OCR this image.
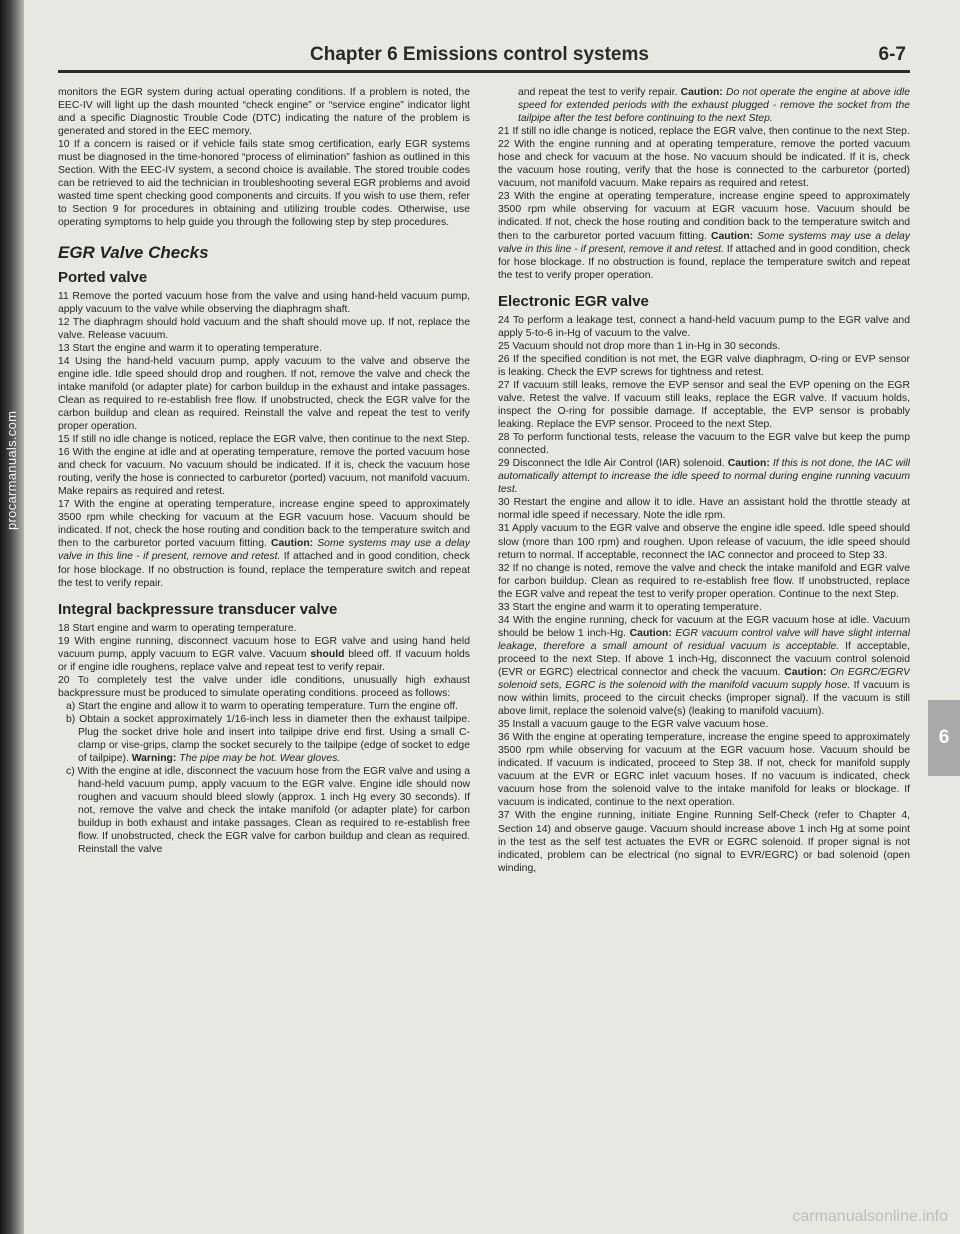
procarmanuals.com
Chapter 6 Emissions control systems	6-7

monitors the EGR system during actual operating conditions. If a problem is noted, the EEC-IV will light up the dash mounted “check engine” or “service engine” indicator light and a specific Diagnostic Trouble Code (DTC) indicating the nature of the problem is generated and stored in the EEC memory.

10 If a concern is raised or if vehicle fails state smog certification, early EGR systems must be diagnosed in the time-honored “process of elimination” fashion as outlined in this Section. With the EEC-IV system, a second choice is available. The stored trouble codes can be retrieved to aid the technician in troubleshooting several EGR problems and avoid wasted time spent checking good components and circuits. If you wish to use them, refer to Section 9 for procedures in obtaining and utilizing trouble codes. Otherwise, use operating symptoms to help guide you through the following step by step procedures.

EGR Valve Checks
Ported valve

11 Remove the ported vacuum hose from the valve and using hand-held vacuum pump, apply vacuum to the valve while observing the diaphragm shaft.

12 The diaphragm should hold vacuum and the shaft should move up. If not, replace the valve. Release vacuum.

13 Start the engine and warm it to operating temperature.

14 Using the hand-held vacuum pump, apply vacuum to the valve and observe the engine idle. Idle speed should drop and roughen. If not, remove the valve and check the intake manifold (or adapter plate) for carbon buildup in the exhaust and intake passages. Clean as required to re-establish free flow. If unobstructed, check the EGR valve for the carbon buildup and clean as required. Reinstall the valve and repeat the test to verify proper operation.

15 If still no idle change is noticed, replace the EGR valve, then continue to the next Step.

16 With the engine at idle and at operating temperature, remove the ported vacuum hose and check for vacuum. No vacuum should be indicated. If it is, check the vacuum hose routing, verify the hose is connected to carburetor (ported) vacuum, not manifold vacuum. Make repairs as required and retest.

17 With the engine at operating temperature, increase engine speed to approximately 3500 rpm while checking for vacuum at the EGR vacuum hose. Vacuum should be indicated. If not, check the hose routing and condition back to the temperature switch and then to the carburetor ported vacuum fitting. Caution: Some systems may use a delay valve in this line - if present, remove and retest. If attached and in good condition, check for hose blockage. If no obstruction is found, replace the temperature switch and repeat the test to verify repair.

Integral backpressure transducer valve

18 Start engine and warm to operating temperature.

19 With engine running, disconnect vacuum hose to EGR valve and using hand held vacuum pump, apply vacuum to EGR valve. Vacuum should bleed off. If vacuum holds or if engine idle roughens, replace valve and repeat test to verify repair.

20 To completely test the valve under idle conditions, unusually high exhaust backpressure must be produced to simulate operating conditions. proceed as follows:

a) Start the engine and allow it to warm to operating temperature. Turn the engine off.

b) Obtain a socket approximately 1/16-inch less in diameter then the exhaust tailpipe. Plug the socket drive hole and insert into tailpipe drive end first. Using a small C-clamp or vise-grips, clamp the socket securely to the tailpipe (edge of socket to edge of tailpipe). Warning: The pipe may be hot. Wear gloves.

c) With the engine at idle, disconnect the vacuum hose from the EGR valve and using a hand-held vacuum pump, apply vacuum to the EGR valve. Engine idle should now roughen and vacuum should bleed slowly (approx. 1 inch Hg every 30 seconds). If not, remove the valve and check the intake manifold (or adapter plate) for carbon buildup in both exhaust and intake passages. Clean as required to re-establish free flow. If unobstructed, check the EGR valve for carbon buildup and clean as required. Reinstall the valve

and repeat the test to verify repair. Caution: Do not operate the engine at above idle speed for extended periods with the exhaust plugged - remove the socket from the tailpipe after the test before continuing to the next Step.

21 If still no idle change is noticed, replace the EGR valve, then continue to the next Step.

22 With the engine running and at operating temperature, remove the ported vacuum hose and check for vacuum at the hose. No vacuum should be indicated. If it is, check the vacuum hose routing, verify that the hose is connected to the carburetor (ported) vacuum, not manifold vacuum. Make repairs as required and retest.

23 With the engine at operating temperature, increase engine speed to approximately 3500 rpm while observing for vacuum at EGR vacuum hose. Vacuum should be indicated. If not, check the hose routing and condition back to the temperature switch and then to the carburetor ported vacuum fitting. Caution: Some systems may use a delay valve in this line - if present, remove it and retest. If attached and in good condition, check for hose blockage. If no obstruction is found, replace the temperature switch and repeat the test to verify proper operation.

Electronic EGR valve

24 To perform a leakage test, connect a hand-held vacuum pump to the EGR valve and apply 5-to-6 in-Hg of vacuum to the valve.

25 Vacuum should not drop more than 1 in-Hg in 30 seconds.

26 If the specified condition is not met, the EGR valve diaphragm, O-ring or EVP sensor is leaking. Check the EVP screws for tightness and retest.

27 If vacuum still leaks, remove the EVP sensor and seal the EVP opening on the EGR valve. Retest the valve. If vacuum still leaks, replace the EGR valve. If vacuum holds, inspect the O-ring for possible damage. If acceptable, the EVP sensor is probably leaking. Replace the EVP sensor. Proceed to the next Step.

28 To perform functional tests, release the vacuum to the EGR valve but keep the pump connected.

29 Disconnect the Idle Air Control (IAR) solenoid. Caution: If this is not done, the IAC will automatically attempt to increase the idle speed to normal during engine running vacuum test.

30 Restart the engine and allow it to idle. Have an assistant hold the throttle steady at normal idle speed if necessary. Note the idle rpm.

31 Apply vacuum to the EGR valve and observe the engine idle speed. Idle speed should slow (more than 100 rpm) and roughen. Upon release of vacuum, the idle speed should return to normal. If acceptable, reconnect the IAC connector and proceed to Step 33.

32 If no change is noted, remove the valve and check the intake manifold and EGR valve for carbon buildup. Clean as required to re-establish free flow. If unobstructed, replace the EGR valve and repeat the test to verify proper operation. Continue to the next Step.

33 Start the engine and warm it to operating temperature.

34 With the engine running, check for vacuum at the EGR vacuum hose at idle. Vacuum should be below 1 inch-Hg. Caution: EGR vacuum control valve will have slight internal leakage, therefore a small amount of residual vacuum is acceptable. If acceptable, proceed to the next Step. If above 1 inch-Hg, disconnect the vacuum control solenoid (EVR or EGRC) electrical connector and check the vacuum. Caution: On EGRC/EGRV solenoid sets, EGRC is the solenoid with the manifold vacuum supply hose. If vacuum is now within limits, proceed to the circuit checks (improper signal). If the vacuum is still above limit, replace the solenoid valve(s) (leaking to manifold vacuum).

35 Install a vacuum gauge to the EGR valve vacuum hose.

36 With the engine at operating temperature, increase the engine speed to approximately 3500 rpm while observing for vacuum at the EGR vacuum hose. Vacuum should be indicated. If vacuum is indicated, proceed to Step 38. If not, check for manifold supply vacuum at the EVR or EGRC inlet vacuum hoses. If no vacuum is indicated, check vacuum hose from the solenoid valve to the intake manifold for leaks or blockage. If vacuum is indicated, continue to the next operation.

37 With the engine running, initiate Engine Running Self-Check (refer to Chapter 4, Section 14) and observe gauge. Vacuum should increase above 1 inch Hg at some point in the test as the self test actuates the EVR or EGRC solenoid. If proper signal is not indicated, problem can be electrical (no signal to EVR/EGRC) or bad solenoid (open winding,

6
carmanualsonline.info
